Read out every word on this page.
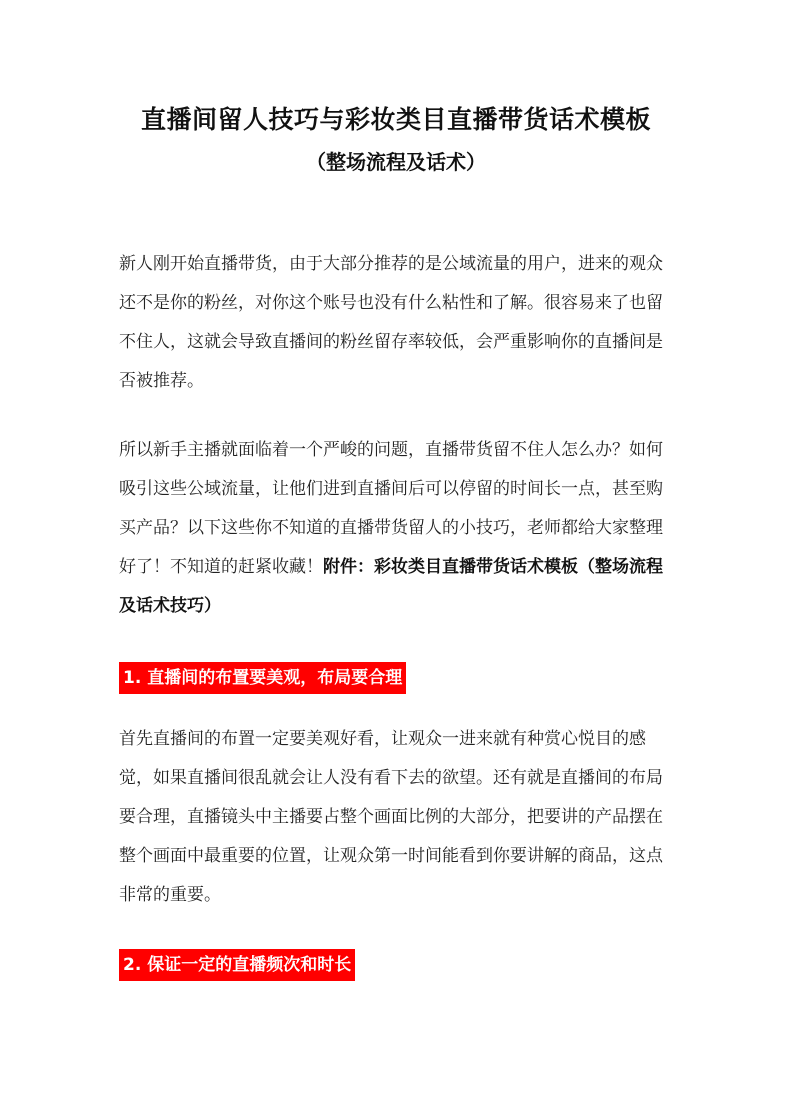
直播间留人技巧与彩妆类目直播带货话术模板
（整场流程及话术）

新人刚开始直播带货，由于大部分推荐的是公域流量的用户，进来的观众还不是你的粉丝，对你这个账号也没有什么粘性和了解。很容易来了也留不住人，这就会导致直播间的粉丝留存率较低，会严重影响你的直播间是否被推荐。

所以新手主播就面临着一个严峻的问题，直播带货留不住人怎么办？如何吸引这些公域流量，让他们进到直播间后可以停留的时间长一点，甚至购买产品？以下这些你不知道的直播带货留人的小技巧，老师都给大家整理好了！不知道的赶紧收藏！附件：彩妆类目直播带货话术模板（整场流程及话术技巧）

1. 直播间的布置要美观，布局要合理

首先直播间的布置一定要美观好看，让观众一进来就有种赏心悦目的感觉，如果直播间很乱就会让人没有看下去的欲望。还有就是直播间的布局要合理，直播镜头中主播要占整个画面比例的大部分，把要讲的产品摆在整个画面中最重要的位置，让观众第一时间能看到你要讲解的商品，这点非常的重要。

2. 保证一定的直播频次和时长
